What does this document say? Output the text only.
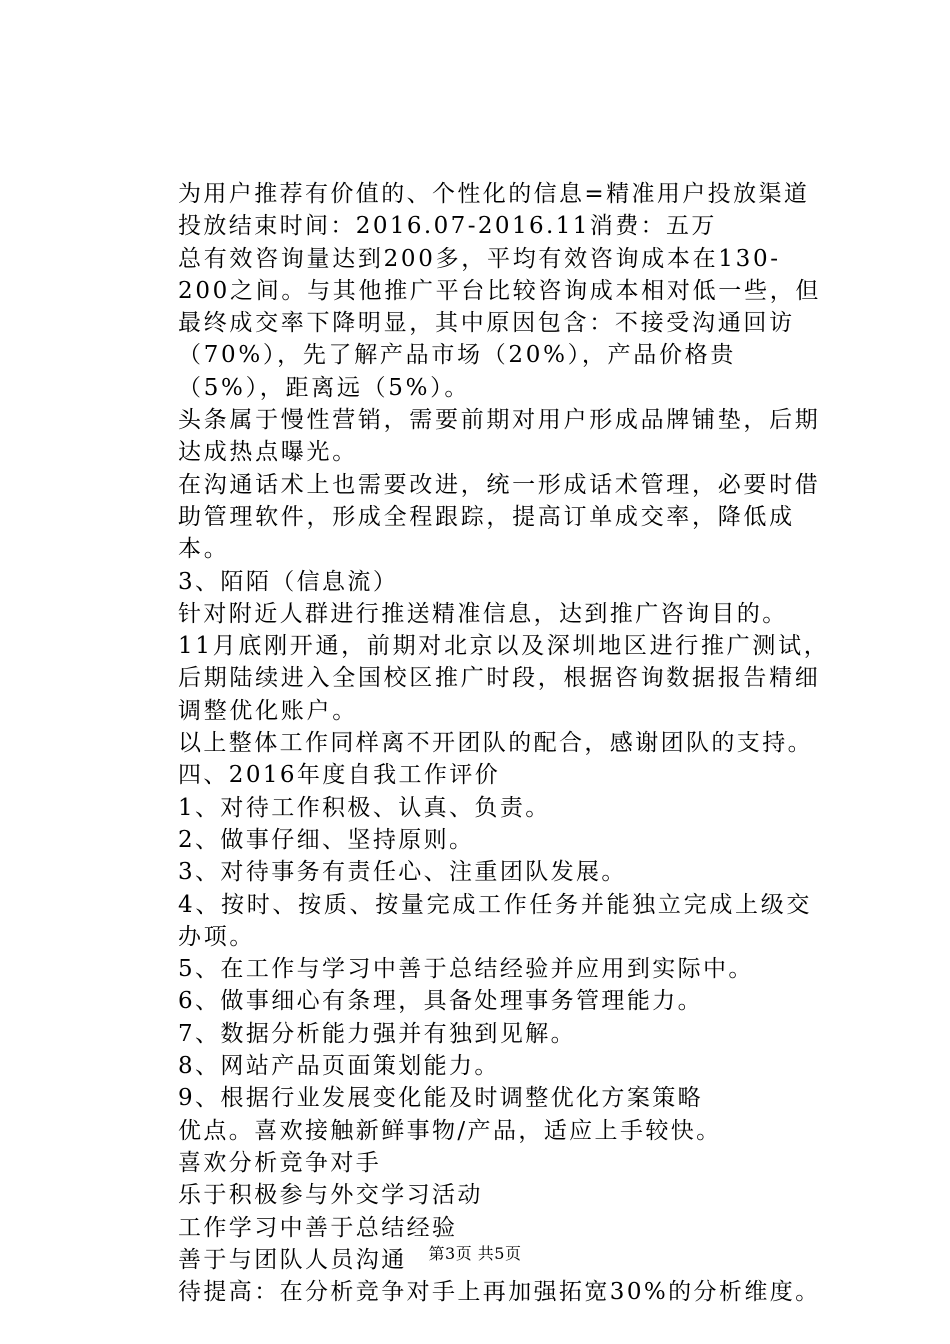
为用户推荐有价值的、个性化的信息=精准用户投放渠道

投放结束时间：2016.07-2016.11消费：五万

总有效咨询量达到200多，平均有效咨询成本在130-200之间。与其他推广平台比较咨询成本相对低一些，但最终成交率下降明显，其中原因包含：不接受沟通回访（70%），先了解产品市场（20%），产品价格贵（5%），距离远（5%）。

头条属于慢性营销，需要前期对用户形成品牌铺垫，后期达成热点曝光。

在沟通话术上也需要改进，统一形成话术管理，必要时借助管理软件，形成全程跟踪，提高订单成交率，降低成本。

3、陌陌（信息流）

针对附近人群进行推送精准信息，达到推广咨询目的。

11月底刚开通，前期对北京以及深圳地区进行推广测试，后期陆续进入全国校区推广时段，根据咨询数据报告精细调整优化账户。

以上整体工作同样离不开团队的配合，感谢团队的支持。

四、2016年度自我工作评价

1、对待工作积极、认真、负责。

2、做事仔细、坚持原则。

3、对待事务有责任心、注重团队发展。

4、按时、按质、按量完成工作任务并能独立完成上级交办项。

5、在工作与学习中善于总结经验并应用到实际中。

6、做事细心有条理，具备处理事务管理能力。

7、数据分析能力强并有独到见解。

8、网站产品页面策划能力。

9、根据行业发展变化能及时调整优化方案策略

优点。喜欢接触新鲜事物/产品，适应上手较快。

喜欢分析竞争对手

乐于积极参与外交学习活动

工作学习中善于总结经验

善于与团队人员沟通

待提高：在分析竞争对手上再加强拓宽30%的分析维度。

第3页 共5页
